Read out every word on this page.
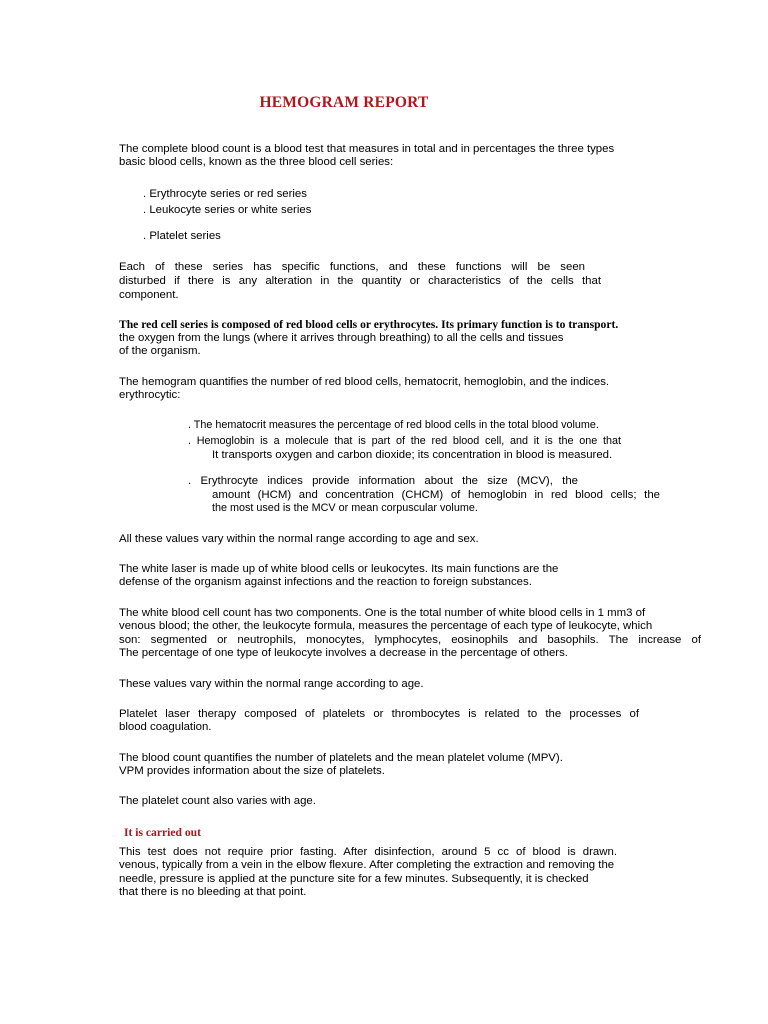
HEMOGRAM REPORT
The complete blood count is a blood test that measures in total and in percentages the three types
basic blood cells, known as the three blood cell series:
. Erythrocyte series or red series
. Leukocyte series or white series
. Platelet series
Each of these series has specific functions, and these functions will be seen
disturbed if there is any alteration in the quantity or characteristics of the cells that
component.
The red cell series is composed of red blood cells or erythrocytes. Its primary function is to transport.
the oxygen from the lungs (where it arrives through breathing) to all the cells and tissues
of the organism.
The hemogram quantifies the number of red blood cells, hematocrit, hemoglobin, and the indices.
erythrocytic:
. The hematocrit measures the percentage of red blood cells in the total blood volume.
. Hemoglobin is a molecule that is part of the red blood cell, and it is the one that
It transports oxygen and carbon dioxide; its concentration in blood is measured.
. Erythrocyte indices provide information about the size (MCV), the
amount (HCM) and concentration (CHCM) of hemoglobin in red blood cells; the
the most used is the MCV or mean corpuscular volume.
All these values vary within the normal range according to age and sex.
The white laser is made up of white blood cells or leukocytes. Its main functions are the
defense of the organism against infections and the reaction to foreign substances.
The white blood cell count has two components. One is the total number of white blood cells in 1 mm3 of
venous blood; the other, the leukocyte formula, measures the percentage of each type of leukocyte, which
son: segmented or neutrophils, monocytes, lymphocytes, eosinophils and basophils. The increase of
The percentage of one type of leukocyte involves a decrease in the percentage of others.
These values vary within the normal range according to age.
Platelet laser therapy composed of platelets or thrombocytes is related to the processes of
blood coagulation.
The blood count quantifies the number of platelets and the mean platelet volume (MPV).
VPM provides information about the size of platelets.
The platelet count also varies with age.
It is carried out
This test does not require prior fasting. After disinfection, around 5 cc of blood is drawn.
venous, typically from a vein in the elbow flexure. After completing the extraction and removing the
needle, pressure is applied at the puncture site for a few minutes. Subsequently, it is checked
that there is no bleeding at that point.
